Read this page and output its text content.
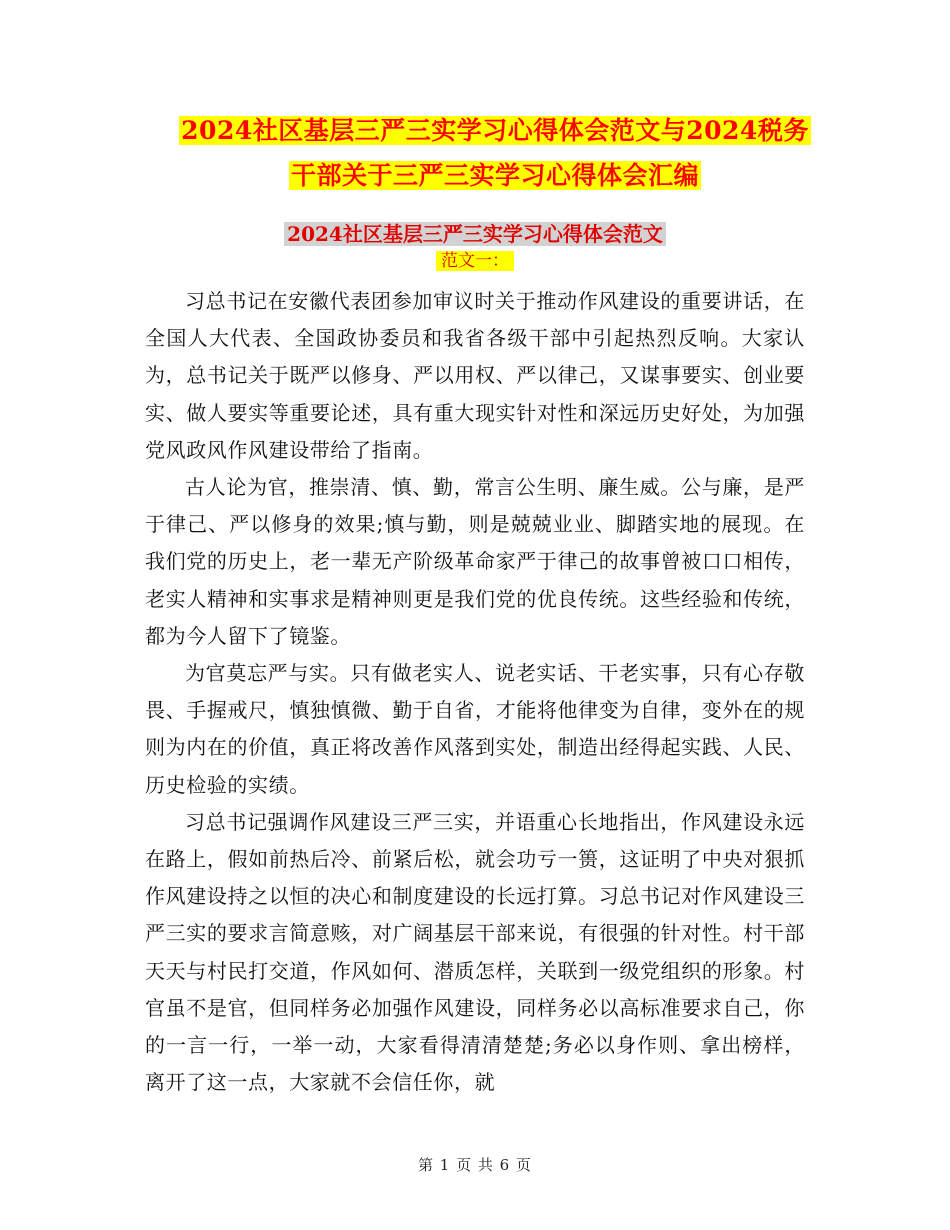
2024社区基层三严三实学习心得体会范文与2024税务
干部关于三严三实学习心得体会汇编
2024社区基层三严三实学习心得体会范文
范文一：

习总书记在安徽代表团参加审议时关于推动作风建设的重要讲话，在全国人大代表、全国政协委员和我省各级干部中引起热烈反响。大家认为，总书记关于既严以修身、严以用权、严以律己，又谋事要实、创业要实、做人要实等重要论述，具有重大现实针对性和深远历史好处，为加强党风政风作风建设带给了指南。

古人论为官，推崇清、慎、勤，常言公生明、廉生威。公与廉，是严于律己、严以修身的效果;慎与勤，则是兢兢业业、脚踏实地的展现。在我们党的历史上，老一辈无产阶级革命家严于律己的故事曾被口口相传，老实人精神和实事求是精神则更是我们党的优良传统。这些经验和传统，都为今人留下了镜鉴。

为官莫忘严与实。只有做老实人、说老实话、干老实事，只有心存敬畏、手握戒尺，慎独慎微、勤于自省，才能将他律变为自律，变外在的规则为内在的价值，真正将改善作风落到实处，制造出经得起实践、人民、历史检验的实绩。

习总书记强调作风建设三严三实，并语重心长地指出，作风建设永远在路上，假如前热后冷、前紧后松，就会功亏一篑，这证明了中央对狠抓作风建设持之以恒的决心和制度建设的长远打算。习总书记对作风建设三严三实的要求言简意赅，对广阔基层干部来说，有很强的针对性。村干部天天与村民打交道，作风如何、潜质怎样，关联到一级党组织的形象。村官虽不是官，但同样务必加强作风建设，同样务必以高标准要求自己，你的一言一行，一举一动，大家看得清清楚楚;务必以身作则、拿出榜样，离开了这一点，大家就不会信任你，就

第 1 页 共 6 页
